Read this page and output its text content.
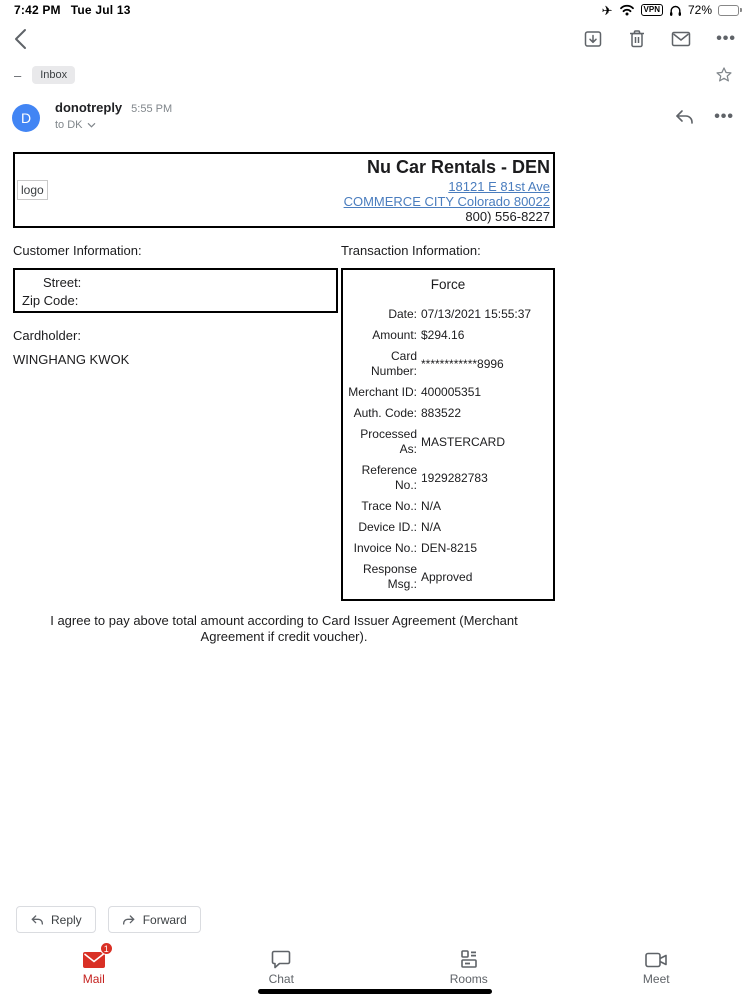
7:42 PM Tue Jul 13	✈	VPN 72%
•••
–	Inbox
D
donotreply 5:55 PM
to DK	•••
logo
Nu Car Rentals - DEN
18121 E 81st Ave
COMMERCE CITY Colorado 80022
800) 556-8227
Customer Information:
Street:
Zip Code:
Cardholder:
WINGHANG KWOK
Transaction Information:
Force
Date: 07/13/2021 15:55:37
Amount: $294.16
Card Number:
************8996
Merchant ID: 400005351
Auth. Code: 883522
Processed As:
MASTERCARD
Reference No.:
1929282783
Trace No.: N/A
Device ID.: N/A
Invoice No.: DEN-8215
Response Msg.:
Approved
I agree to pay above total amount according to Card Issuer Agreement (Merchant Agreement if credit voucher).
Reply	Forward
1
Mail	Chat	Rooms	Meet
